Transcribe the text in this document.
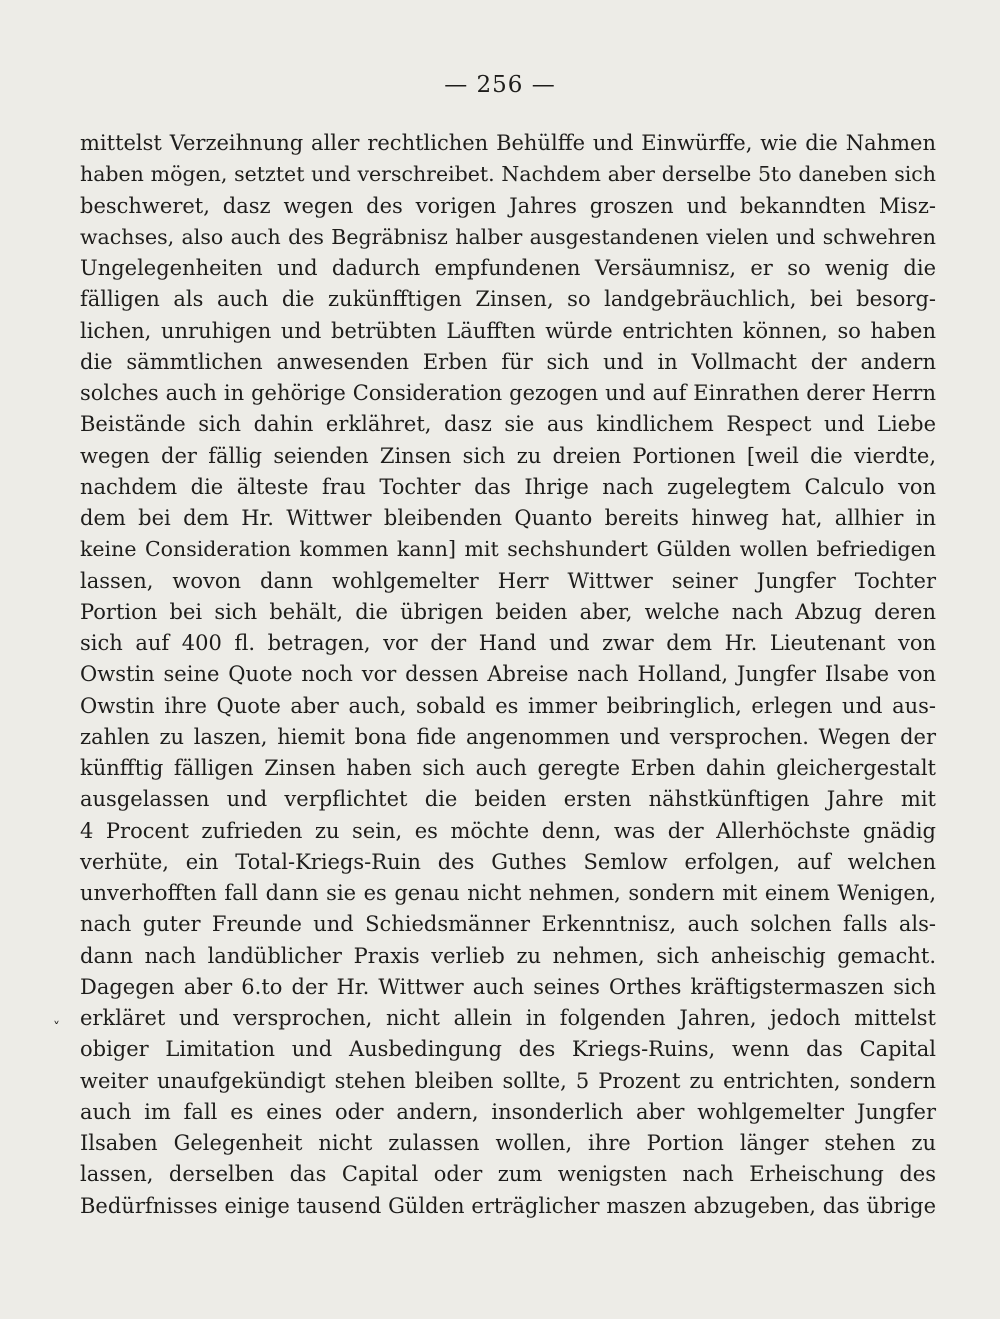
— 256 —
˅
mittelst Verzeihnung aller rechtlichen Behülffe und Einwürffe, wie die Nahmen
haben mögen, setztet und verschreibet. Nachdem aber derselbe 5to daneben sich
beschweret, dasz wegen des vorigen Jahres groszen und bekanndten Misz-
wachses, also auch des Begräbnisz halber ausgestandenen vielen und schwehren
Ungelegenheiten und dadurch empfundenen Versäumnisz, er so wenig die
fälligen als auch die zukünfftigen Zinsen, so landgebräuchlich, bei besorg-
lichen, unruhigen und betrübten Läufften würde entrichten können, so haben
die sämmtlichen anwesenden Erben für sich und in Vollmacht der andern
solches auch in gehörige Consideration gezogen und auf Einrathen derer Herrn
Beistände sich dahin erklähret, dasz sie aus kindlichem Respect und Liebe
wegen der fällig seienden Zinsen sich zu dreien Portionen [weil die vierdte,
nachdem die älteste frau Tochter das Ihrige nach zugelegtem Calculo von
dem bei dem Hr. Wittwer bleibenden Quanto bereits hinweg hat, allhier in
keine Consideration kommen kann] mit sechshundert Gülden wollen befriedigen
lassen, wovon dann wohlgemelter Herr Wittwer seiner Jungfer Tochter
Portion bei sich behält, die übrigen beiden aber, welche nach Abzug deren
sich auf 400 fl. betragen, vor der Hand und zwar dem Hr. Lieutenant von
Owstin seine Quote noch vor dessen Abreise nach Holland, Jungfer Ilsabe von
Owstin ihre Quote aber auch, sobald es immer beibringlich, erlegen und aus-
zahlen zu laszen, hiemit bona fide angenommen und versprochen. Wegen der
künfftig fälligen Zinsen haben sich auch geregte Erben dahin gleichergestalt
ausgelassen und verpflichtet die beiden ersten nähstkünftigen Jahre mit
4 Procent zufrieden zu sein, es möchte denn, was der Allerhöchste gnädig
verhüte, ein Total-Kriegs-Ruin des Guthes Semlow erfolgen, auf welchen
unverhofften fall dann sie es genau nicht nehmen, sondern mit einem Wenigen,
nach guter Freunde und Schiedsmänner Erkenntnisz, auch solchen falls als-
dann nach landüblicher Praxis verlieb zu nehmen, sich anheischig gemacht.
Dagegen aber 6.to der Hr. Wittwer auch seines Orthes kräftigstermaszen sich
erkläret und versprochen, nicht allein in folgenden Jahren, jedoch mittelst
obiger Limitation und Ausbedingung des Kriegs-Ruins, wenn das Capital
weiter unaufgekündigt stehen bleiben sollte, 5 Prozent zu entrichten, sondern
auch im fall es eines oder andern, insonderlich aber wohlgemelter Jungfer
Ilsaben Gelegenheit nicht zulassen wollen, ihre Portion länger stehen zu
lassen, derselben das Capital oder zum wenigsten nach Erheischung des
Bedürfnisses einige tausend Gülden erträglicher maszen abzugeben, das übrige
